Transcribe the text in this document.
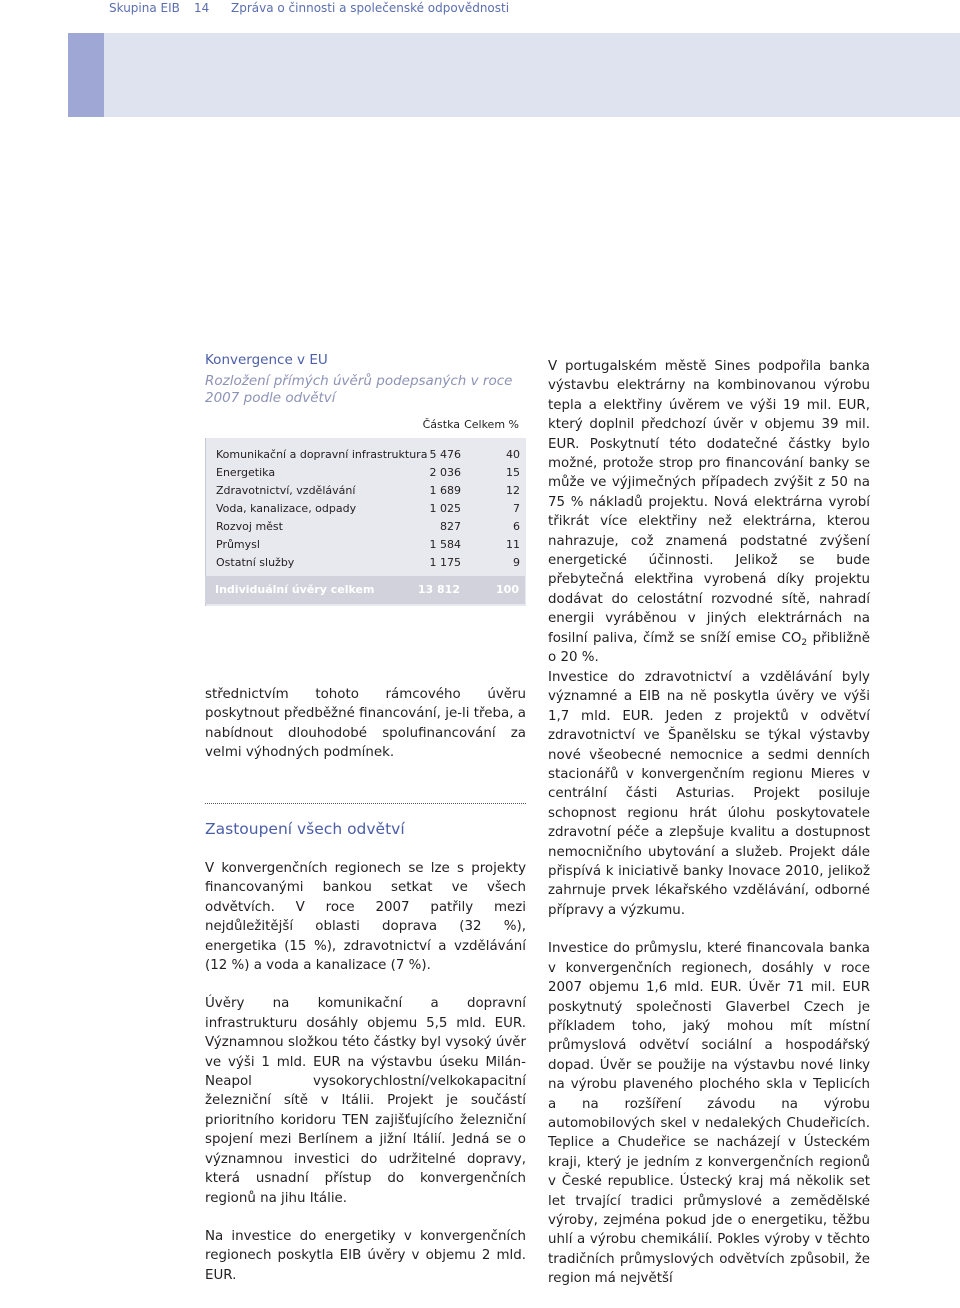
Skupina EIB 14 Zpráva o činnosti a společenské odpovědnosti

Konvergence v EU

Rozložení přímých úvěrů podepsaných v roce 2007 podle odvětví

Částka Celkem %
Komunikační a dopravní infrastruktura 5 476	40
Energetika	2 036	15
Zdravotnictví, vzdělávání	1 689	12
Voda, kanalizace, odpady	1 025	7
Rozvoj měst	827	6
Průmysl	1 584	11
Ostatní služby	1 175	9
Individuální úvěry celkem	13 812	100

střednictvím tohoto rámcového úvěru poskytnout předběžné financování, je-li třeba, a nabídnout dlouhodobé spolufinancování za velmi výhodných podmínek.

Zastoupení všech odvětví

V konvergenčních regionech se lze s projekty financovanými bankou setkat ve všech odvětvích. V roce 2007 patřily mezi nejdůležitější oblasti doprava (32 %), energetika (15 %), zdravotnictví a vzdělávání (12 %) a voda a kanalizace (7 %).

Úvěry na komunikační a dopravní infrastrukturu dosáhly objemu 5,5 mld. EUR. Významnou složkou této částky byl vysoký úvěr ve výši 1 mld. EUR na výstavbu úseku Milán-Neapol vysokorychlostní/velkokapacitní železniční sítě v Itálii. Projekt je součástí prioritního koridoru TEN zajišťujícího železniční spojení mezi Berlínem a jižní Itálií. Jedná se o významnou investici do udržitelné dopravy, která usnadní přístup do konvergenčních regionů na jihu Itálie.

Na investice do energetiky v konvergenčních regionech poskytla EIB úvěry v objemu 2 mld. EUR.

V portugalském městě Sines podpořila banka výstavbu elektrárny na kombinovanou výrobu tepla a elektřiny úvěrem ve výši 19 mil. EUR, který doplnil předchozí úvěr v objemu 39 mil. EUR. Poskytnutí této dodatečné částky bylo možné, protože strop pro financování banky se může ve výjimečných případech zvýšit z 50 na 75 % nákladů projektu. Nová elektrárna vyrobí třikrát více elektřiny než elektrárna, kterou nahrazuje, což znamená podstatné zvýšení energetické účinnosti. Jelikož se bude přebytečná elektřina vyrobená díky projektu dodávat do celostátní rozvodné sítě, nahradí energii vyráběnou v jiných elektrárnách na fosilní paliva, čímž se sníží emise $CO_2$ přibližně o 20 %.

Investice do zdravotnictví a vzdělávání byly významné a EIB na ně poskytla úvěry ve výši 1,7 mld. EUR. Jeden z projektů v odvětví zdravotnictví ve Španělsku se týkal výstavby nové všeobecné nemocnice a sedmi denních stacionářů v konvergenčním regionu Mieres v centrální části Asturias. Projekt posiluje schopnost regionu hrát úlohu poskytovatele zdravotní péče a zlepšuje kvalitu a dostupnost nemocničního ubytování a služeb. Projekt dále přispívá k iniciativě banky Inovace 2010, jelikož zahrnuje prvek lékařského vzdělávání, odborné přípravy a výzkumu.

Investice do průmyslu, které financovala banka v konvergenčních regionech, dosáhly v roce 2007 objemu 1,6 mld. EUR. Úvěr 71 mil. EUR poskytnutý společnosti Glaverbel Czech je příkladem toho, jaký mohou mít místní průmyslová odvětví sociální a hospodářský dopad. Úvěr se použije na výstavbu nové linky na výrobu plaveného plochého skla v Teplicích a na rozšíření závodu na výrobu automobilových skel v nedalekých Chudeřicích. Teplice a Chudeřice se nacházejí v Ústeckém kraji, který je jedním z konvergenčních regionů v České republice. Ústecký kraj má několik set let trvající tradici průmyslové a zemědělské výroby, zejména pokud jde o energetiku, těžbu uhlí a výrobu chemikálií. Pokles výroby v těchto tradičních průmyslových odvětvích způsobil, že region má největší
